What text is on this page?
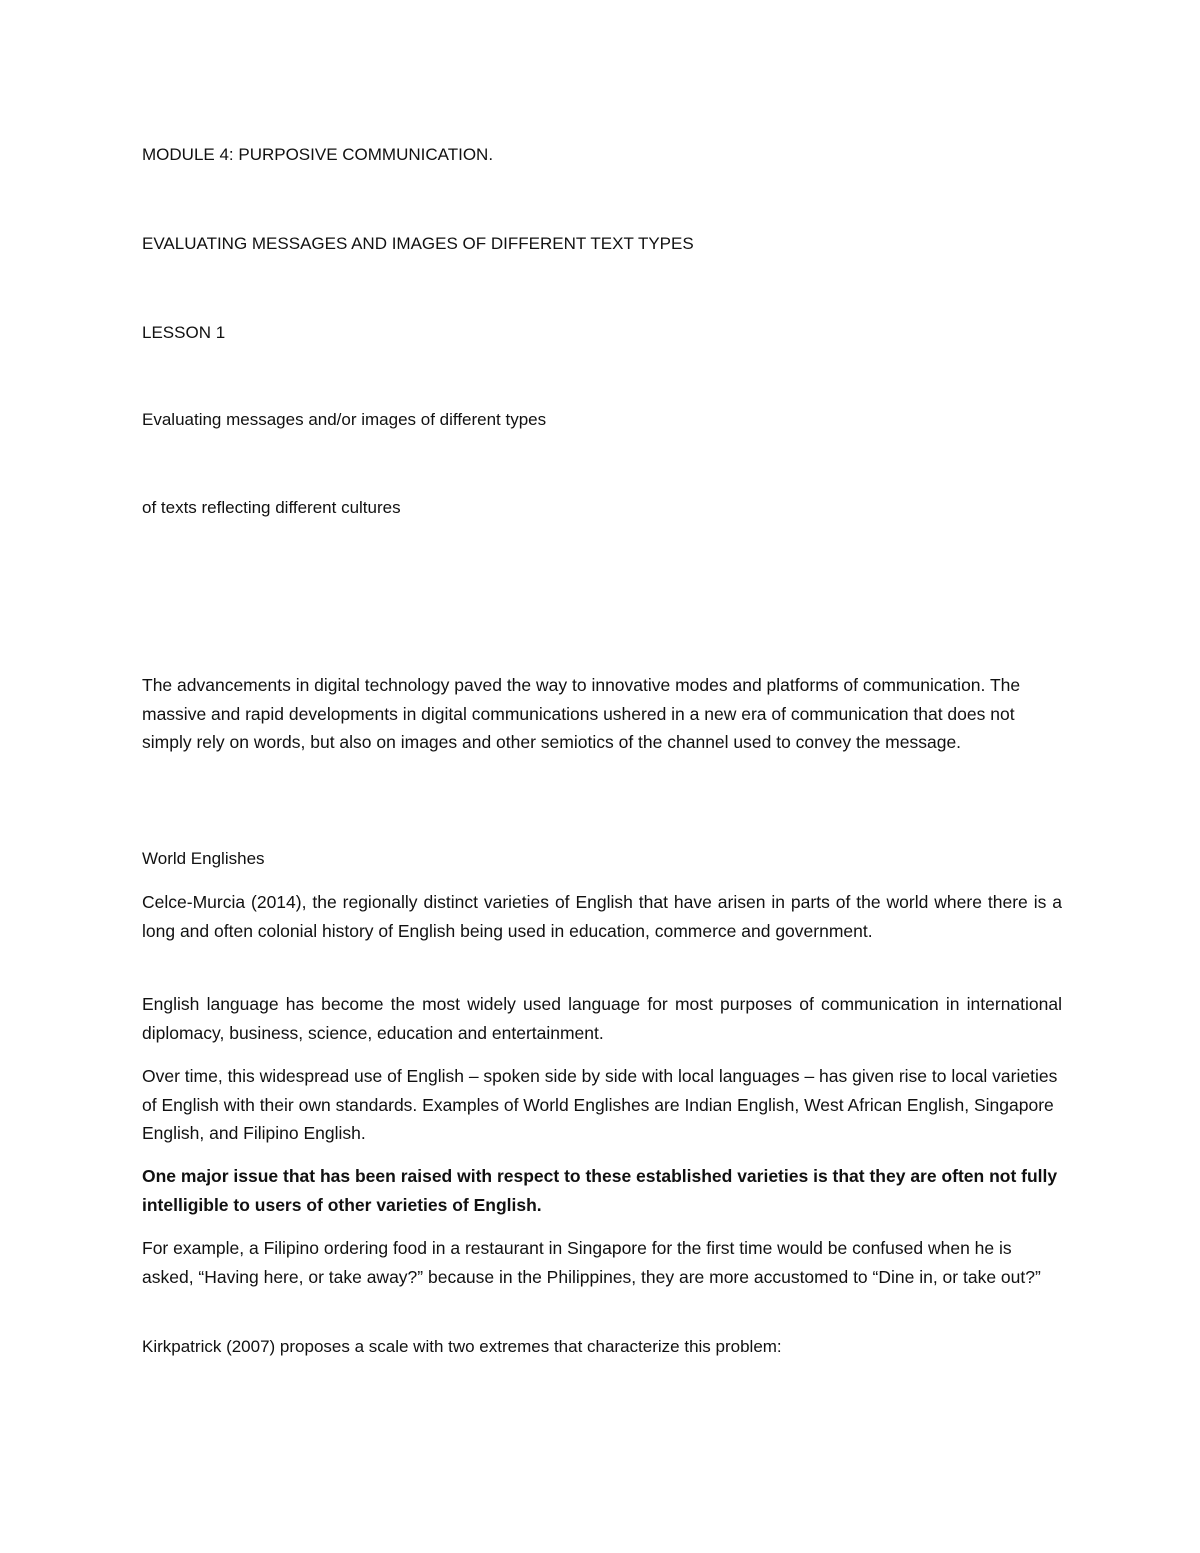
MODULE 4: PURPOSIVE COMMUNICATION.

EVALUATING MESSAGES AND IMAGES OF DIFFERENT TEXT TYPES

LESSON 1

Evaluating messages and/or images of different types

of texts reflecting different cultures

The advancements in digital technology paved the way to innovative modes and platforms of communication. The massive and rapid developments in digital communications ushered in a new era of communication that does not simply rely on words, but also on images and other semiotics of the channel used to convey the message.

World Englishes

Celce-Murcia (2014), the regionally distinct varieties of English that have arisen in parts of the world where there is a long and often colonial history of English being used in education, commerce and government.

English language has become the most widely used language for most purposes of communication in international diplomacy, business, science, education and entertainment.

Over time, this widespread use of English – spoken side by side with local languages – has given rise to local varieties of English with their own standards. Examples of World Englishes are Indian English, West African English, Singapore English, and Filipino English.

One major issue that has been raised with respect to these established varieties is that they are often not fully intelligible to users of other varieties of English.

For example, a Filipino ordering food in a restaurant in Singapore for the first time would be confused when he is asked, “Having here, or take away?” because in the Philippines, they are more accustomed to “Dine in, or take out?”

Kirkpatrick (2007) proposes a scale with two extremes that characterize this problem:
